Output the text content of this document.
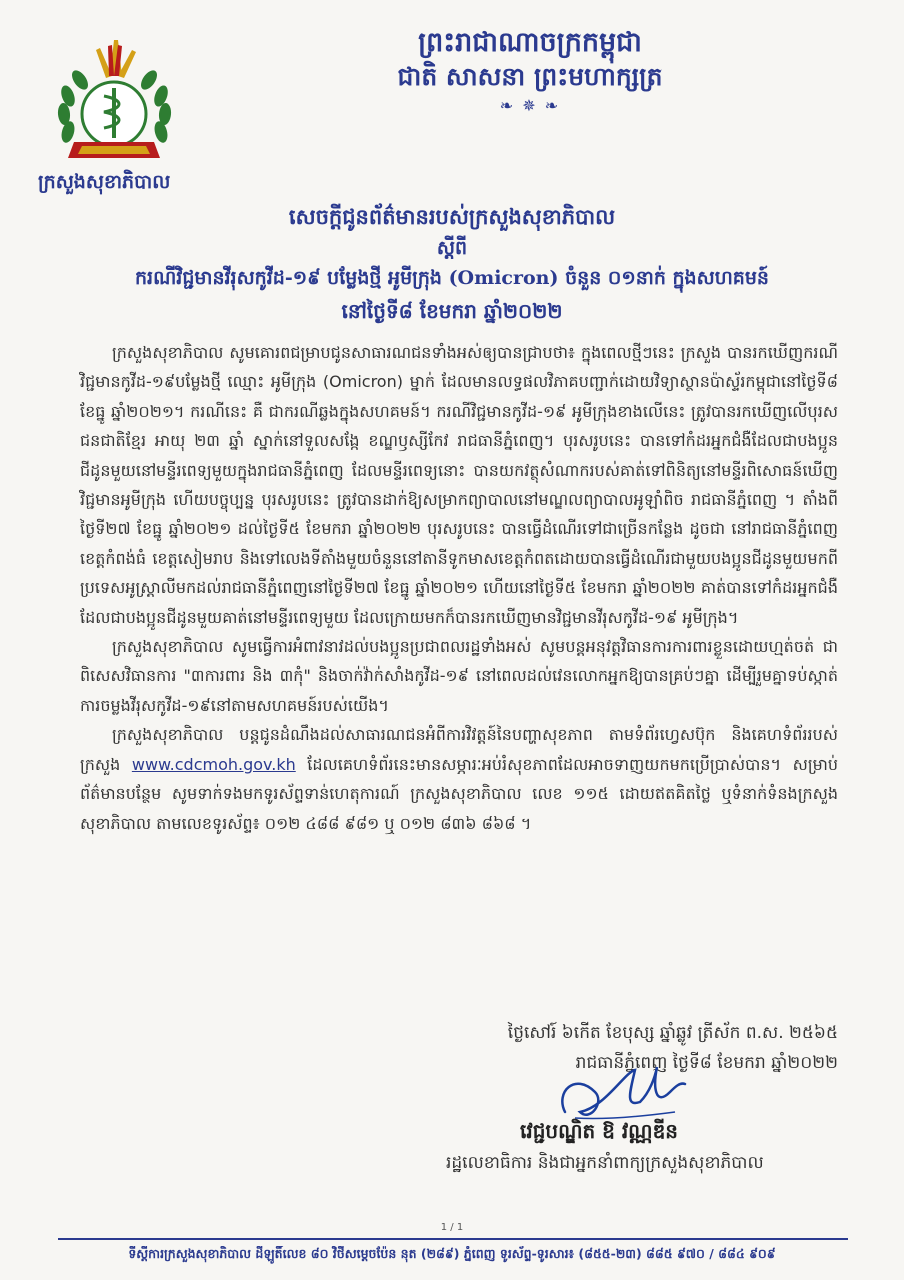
ក្រសួងសុខាភិបាល
ព្រះរាជាណាចក្រកម្ពុជា
ជាតិ សាសនា ព្រះមហាក្សត្រ
❧ ✵ ❧
សេចក្តីជូនព័ត៌មានរបស់ក្រសួងសុខាភិបាល
ស្តីពី
ករណីវិជ្ជមានវីរុសកូវីដ-១៩ បម្លែងថ្មី អូមីក្រុង (Omicron) ចំនួន ០១នាក់ ក្នុងសហគមន៍
នៅថ្ងៃទី៨ ខែមករា ឆ្នាំ២០២២

ក្រសួងសុខាភិបាល សូមគោរពជម្រាបជូនសាធារណជនទាំងអស់ឲ្យបានជ្រាបថា៖ ក្នុងពេលថ្មីៗនេះ ក្រសួង បានរកឃើញករណីវិជ្ជមានកូវីដ-១៩បម្លែងថ្មី ឈ្មោះ អូមីក្រុង (Omicron) ម្នាក់ ដែលមានលទ្ធផលវិភាគបញ្ជាក់ដោយវិទ្យាស្ថានប៉ាស្ទ័រកម្ពុជានៅថ្ងៃទី៨ ខែធ្នូ ឆ្នាំ២០២១។ ករណីនេះ គឺ ជាករណីឆ្លងក្នុងសហគមន៍។ ករណីវិជ្ជមានកូវីដ-១៩ អូមីក្រុងខាងលើនេះ ត្រូវបានរកឃើញលើបុរសជនជាតិខ្មែរ អាយុ ២៣ ឆ្នាំ ស្នាក់នៅទួលសង្កែ ខណ្ឌឫស្សីកែវ រាជធានីភ្នំពេញ។ បុរសរូបនេះ បានទៅកំដរអ្នកជំងឺដែលជាបងប្អូនជីដូនមួយនៅមន្ទីរពេទ្យមួយក្នុងរាជធានីភ្នំពេញ ដែលមន្ទីរពេទ្យនោះ បានយកវត្ថុសំណាករបស់គាត់ទៅពិនិត្យនៅមន្ទីរពិសោធន៍ឃើញវិជ្ជមានអូមីក្រុង ហើយបច្ចុប្បន្ន បុរសរូបនេះ ត្រូវបានដាក់ឱ្យសម្រាកព្យាបាលនៅមណ្ឌលព្យាបាលអូឡាំពិច រាជធានីភ្នំពេញ ។ តាំងពីថ្ងៃទី២៧ ខែធ្នូ ឆ្នាំ២០២១ ដល់ថ្ងៃទី៥ ខែមករា ឆ្នាំ២០២២ បុរសរូបនេះ បានធ្វើដំណើរទៅជាច្រើនកន្លែង ដូចជា នៅរាជធានីភ្នំពេញ ខេត្តកំពង់ធំ ខេត្តសៀមរាប និងទៅលេងទីតាំងមួយចំនួននៅតានីទូកមាសខេត្តកំពតដោយបានធ្វើដំណើរជាមួយបងប្អូនជីដូនមួយមកពីប្រទេសអូស្ត្រាលីមកដល់រាជធានីភ្នំពេញនៅថ្ងៃទី២៧ ខែធ្នូ ឆ្នាំ២០២១ ហើយនៅថ្ងៃទី៥ ខែមករា ឆ្នាំ២០២២ គាត់បានទៅកំដរអ្នកជំងឺដែលជាបងប្អូនជីដូនមួយគាត់នៅមន្ទីរពេទ្យមួយ ដែលក្រោយមកក៏បានរកឃើញមានវិជ្ជមានវីរុសកូវីដ-១៩ អូមីក្រុង។

ក្រសួងសុខាភិបាល សូមធ្វើការអំពាវនាវដល់បងប្អូនប្រជាពលរដ្ឋទាំងអស់ សូមបន្តអនុវត្តវិធានការការពារខ្លួនដោយហ្មត់ចត់ ជាពិសេសវិធានការ "៣ការពារ និង ៣កុំ" និងចាក់វ៉ាក់សាំងកូវីដ-១៩ នៅពេលដល់វេនលោកអ្នកឱ្យបានគ្រប់ៗគ្នា ដើម្បីរួមគ្នាទប់ស្កាត់ការចម្លងវីរុសកូវីដ-១៩នៅតាមសហគមន៍របស់យើង។

ក្រសួងសុខាភិបាល បន្តជូនដំណឹងដល់សាធារណជនអំពីការវិវត្តន៍នៃបញ្ហាសុខភាព តាមទំព័រហ្វេសប៊ុក និងគេហទំព័ររបស់ក្រសួង www.cdcmoh.gov.kh ដែលគេហទំព័រនេះមានសម្ភារៈអប់រំសុខភាពដែលអាចទាញយកមកប្រើប្រាស់បាន។ សម្រាប់ព័ត៌មានបន្ថែម សូមទាក់ទងមកទូរស័ព្ទទាន់ហេតុការណ៍ ក្រសួងសុខាភិបាល លេខ ១១៥ ដោយឥតគិតថ្លៃ ឬទំនាក់ទំនងក្រសួងសុខាភិបាល តាមលេខទូរស័ព្ទ៖ ០១២ ៤៨៨ ៩៨១ ឬ ០១២ ៨៣៦ ៨៦៨ ។

ថ្ងៃសៅរ៍ ៦កើត ខែបុស្ស ឆ្នាំឆ្លូវ ត្រីស័ក ព.ស. ២៥៦៥
រាជធានីភ្នំពេញ ថ្ងៃទី៨ ខែមករា ឆ្នាំ២០២២
វេជ្ជបណ្ឌិត ឱ វណ្ណឌីន
រដ្ឋលេខាធិការ និងជាអ្នកនាំពាក្យក្រសួងសុខាភិបាល
1 / 1
ទីស្តីការក្រសួងសុខាភិបាល ដីឡូតិ៍លេខ ៨០ វិថីសម្ដេចប៉ែន នុត (២៨៩) ភ្នំពេញ ទូរស័ព្ទ-ទូរសារ៖ (៨៥៥-២៣) ៨៨៥ ៩៧០ / ៨៨៤ ៩០៩
